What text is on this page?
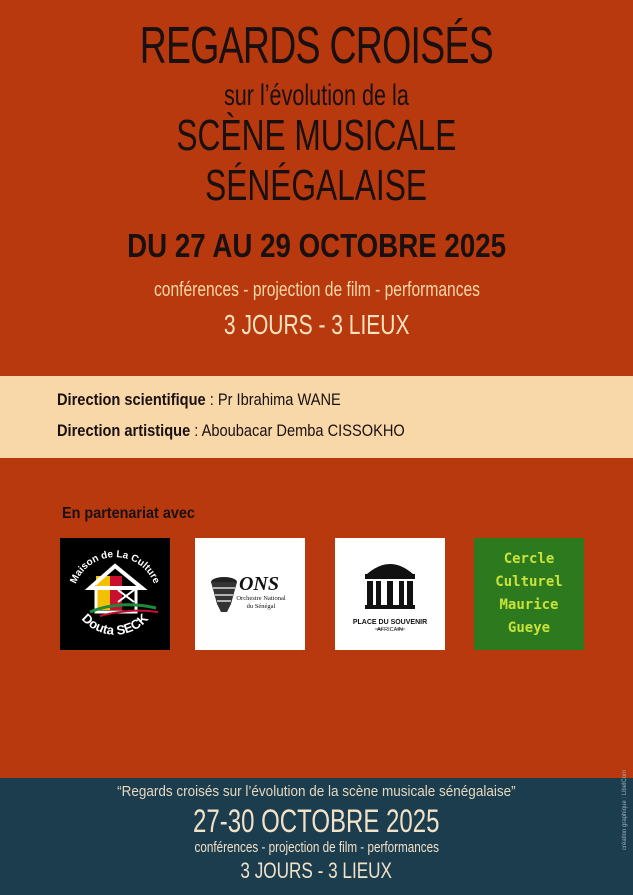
REGARDS CROISÉS
sur l’évolution de la
SCÈNE MUSICALE
SÉNÉGALAISE
DU 27 AU 29 OCTOBRE 2025
conférences - projection de film - performances
3 JOURS - 3 LIEUX
Direction scientifique : Pr Ibrahima WANE
Direction artistique : Aboubacar Demba CISSOKHO
En partenariat avec
Maison de La Culture
Douta SECK
ONS
Orchestre National
du Sénégal
PLACE DU SOUVENIR
AFRICAIN
Cercle
Culturel
Maurice
Gueye
“Regards croisés sur l’évolution de la scène musicale sénégalaise”
27-30 OCTOBRE 2025
conférences - projection de film - performances
3 JOURS - 3 LIEUX
création graphique : LibelCom
